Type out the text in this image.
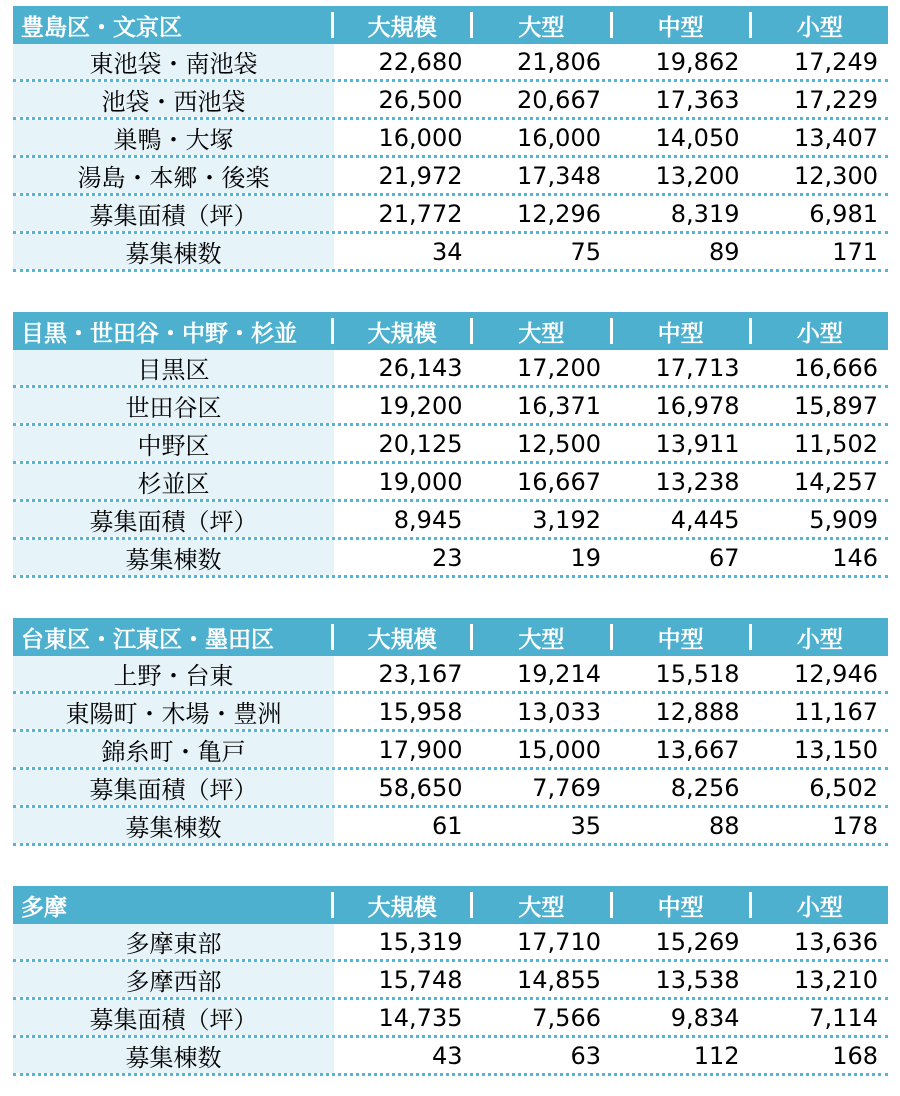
豊島区・文京区	大規模	大型	中型	小型
東池袋・南池袋	22,680	21,806	19,862	17,249
池袋・西池袋	26,500	20,667	17,363	17,229
巣鴨・大塚	16,000	16,000	14,050	13,407
湯島・本郷・後楽	21,972	17,348	13,200	12,300
募集面積（坪）	21,772	12,296	8,319	6,981
募集棟数	34	75	89	171
目黒・世田谷・中野・杉並	大規模	大型	中型	小型
目黒区	26,143	17,200	17,713	16,666
世田谷区	19,200	16,371	16,978	15,897
中野区	20,125	12,500	13,911	11,502
杉並区	19,000	16,667	13,238	14,257
募集面積（坪）	8,945	3,192	4,445	5,909
募集棟数	23	19	67	146
台東区・江東区・墨田区	大規模	大型	中型	小型
上野・台東	23,167	19,214	15,518	12,946
東陽町・木場・豊洲	15,958	13,033	12,888	11,167
錦糸町・亀戸	17,900	15,000	13,667	13,150
募集面積（坪）	58,650	7,769	8,256	6,502
募集棟数	61	35	88	178
多摩	大規模	大型	中型	小型
多摩東部	15,319	17,710	15,269	13,636
多摩西部	15,748	14,855	13,538	13,210
募集面積（坪）	14,735	7,566	9,834	7,114
募集棟数	43	63	112	168
